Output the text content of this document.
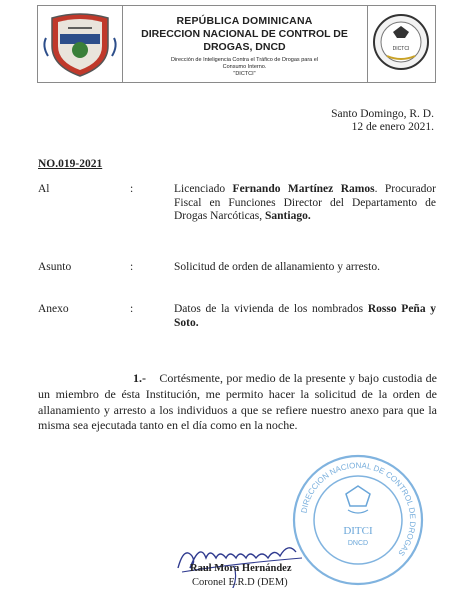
REPÚBLICA DOMINICANA
DIRECCION NACIONAL DE CONTROL DE
DROGAS, DNCD
Dirección de Inteligencia Contra el Tráfico de Drogas para el
Consumo Interno.
"DICTCI"
DICTCI
Santo Domingo, R. D.
12 de enero 2021.
NO.019-2021
Al	:	Licenciado Fernando Martínez Ramos. Procurador Fiscal en Funciones Director del Departamento de Drogas Narcóticas, Santiago.
Asunto	:	Solicitud de orden de allanamiento y arresto.
Anexo	:	Datos de la vivienda de los nombrados Rosso Peña y Soto.
1.- Cortésmente, por medio de la presente y bajo custodia de un miembro de ésta Institución, me permito hacer la solicitud de la orden de allanamiento y arresto a los individuos a que se refiere nuestro anexo para que la misma sea ejecutada tanto en el día como en la noche.
DIRECCION NACIONAL DE CONTROL DE DROGAS
DITCI
DNCD
Raul Mora Hernández
Coronel E.R.D (DEM)
